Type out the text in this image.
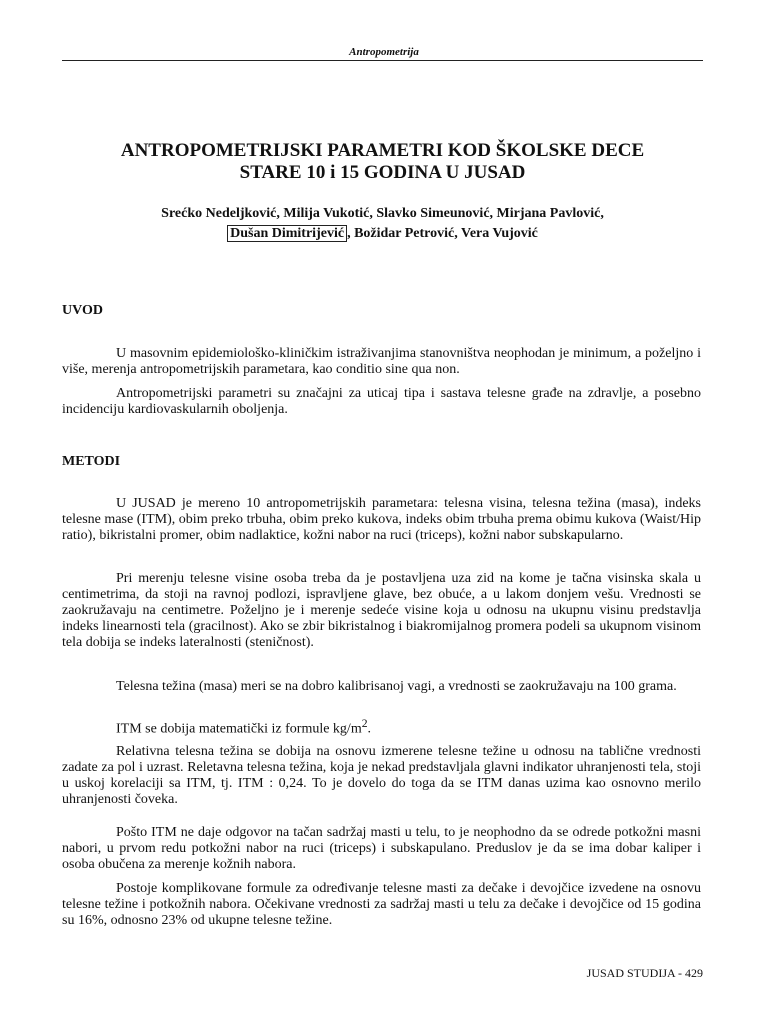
Antropometrija
ANTROPOMETRIJSKI PARAMETRI KOD ŠKOLSKE DECE
STARE 10 i 15 GODINA U JUSAD
Srećko Nedeljković, Milija Vukotić, Slavko Simeunović, Mirjana Pavlović,
Dušan Dimitrijević , Božidar Petrović, Vera Vujović
UVOD

U masovnim epidemiološko-kliničkim istraživanjima stanovništva neophodan je minimum, a poželjno i više, merenja antropometrijskih parametara, kao conditio sine qua non.

Antropometrijski parametri su značajni za uticaj tipa i sastava telesne građe na zdravlje, a posebno incidenciju kardiovaskularnih oboljenja.

METODI

U JUSAD je mereno 10 antropometrijskih parametara: telesna visina, telesna težina (masa), indeks telesne mase (ITM), obim preko trbuha, obim preko kukova, indeks obim trbuha prema obimu kukova (Waist/Hip ratio), bikristalni promer, obim nadlaktice, kožni nabor na ruci (triceps), kožni nabor subskapularno.

Pri merenju telesne visine osoba treba da je postavljena uza zid na kome je tačna visinska skala u centimetrima, da stoji na ravnoj podlozi, ispravljene glave, bez obuće, a u lakom donjem vešu. Vrednosti se zaokružavaju na centimetre. Poželjno je i merenje sedeće visine koja u odnosu na ukupnu visinu predstavlja indeks linearnosti tela (gracilnost). Ako se zbir bikristalnog i biakromijalnog promera podeli sa ukupnom visinom tela dobija se indeks lateralnosti (steničnost).

Telesna težina (masa) meri se na dobro kalibrisanoj vagi, a vrednosti se zaokružavaju na 100 grama.

ITM se dobija matematički iz formule $kg/m^2$.

Relativna telesna težina se dobija na osnovu izmerene telesne težine u odnosu na tablične vrednosti zadate za pol i uzrast. Reletavna telesna težina, koja je nekad predstavljala glavni indikator uhranjenosti tela, stoji u uskoj korelaciji sa ITM, tj. ITM : 0,24. To je dovelo do toga da se ITM danas uzima kao osnovno merilo uhranjenosti čoveka.

Pošto ITM ne daje odgovor na tačan sadržaj masti u telu, to je neophodno da se odrede potkožni masni nabori, u prvom redu potkožni nabor na ruci (triceps) i subskapulano. Preduslov je da se ima dobar kaliper i osoba obučena za merenje kožnih nabora.

Postoje komplikovane formule za određivanje telesne masti za dečake i devojčice izvedene na osnovu telesne težine i potkožnih nabora. Očekivane vrednosti za sadržaj masti u telu za dečake i devojčice od 15 godina su 16%, odnosno 23% od ukupne telesne težine.

JUSAD STUDIJA - 429
